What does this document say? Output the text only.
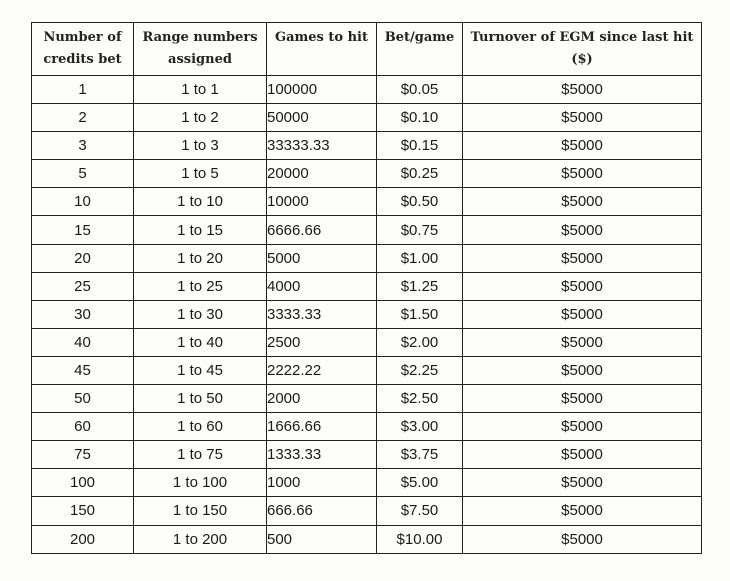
Number of credits bet	Range numbers assigned	Games to hit	Bet/game	Turnover of EGM since last hit ($)
1	1 to 1	100000	$0.05	$5000
2	1 to 2	50000	$0.10	$5000
3	1 to 3	33333.33	$0.15	$5000
5	1 to 5	20000	$0.25	$5000
10	1 to 10	10000	$0.50	$5000
15	1 to 15	6666.66	$0.75	$5000
20	1 to 20	5000	$1.00	$5000
25	1 to 25	4000	$1.25	$5000
30	1 to 30	3333.33	$1.50	$5000
40	1 to 40	2500	$2.00	$5000
45	1 to 45	2222.22	$2.25	$5000
50	1 to 50	2000	$2.50	$5000
60	1 to 60	1666.66	$3.00	$5000
75	1 to 75	1333.33	$3.75	$5000
100	1 to 100	1000	$5.00	$5000
150	1 to 150	666.66	$7.50	$5000
200	1 to 200	500	$10.00	$5000
